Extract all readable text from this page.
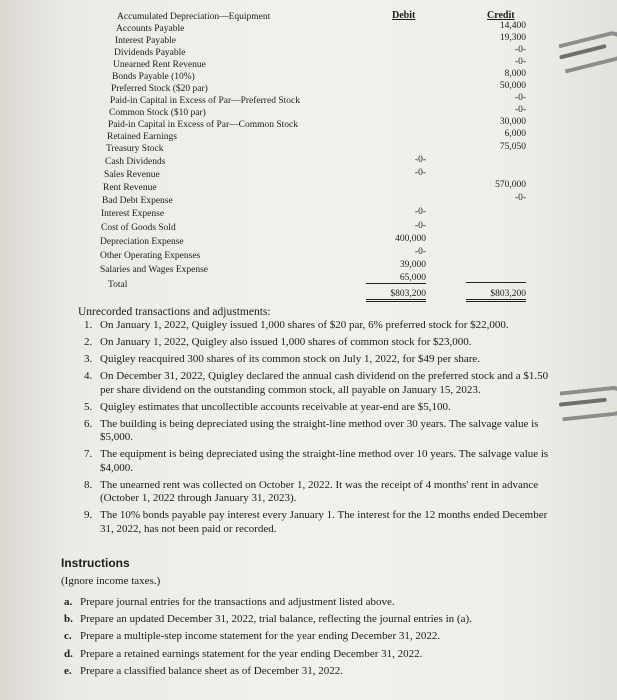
Debit	Credit
Accumulated Depreciation—Equipment
Accounts Payable
Interest Payable
Dividends Payable
Unearned Rent Revenue
Bonds Payable (10%)
Preferred Stock ($20 par)
Paid-in Capital in Excess of Par—Preferred Stock
Common Stock ($10 par)
Paid-in Capital in Excess of Par—Common Stock
Retained Earnings
Treasury Stock
Cash Dividends
Sales Revenue
Rent Revenue
Bad Debt Expense
Interest Expense
Cost of Goods Sold
Depreciation Expense
Other Operating Expenses
Salaries and Wages Expense
Total
14,400
19,300
-0-
-0-
8,000
50,000
-0-
-0-
30,000
6,000
75,050
570,000
-0-
-0-
-0-
-0-
-0-
400,000
-0-
39,000
65,000
$803,200	$803,200
Unrecorded transactions and adjustments:
1. On January 1, 2022, Quigley issued 1,000 shares of $20 par, 6% preferred stock for $22,000.
2. On January 1, 2022, Quigley also issued 1,000 shares of common stock for $23,000.
3. Quigley reacquired 300 shares of its common stock on July 1, 2022, for $49 per share.
4. On December 31, 2022, Quigley declared the annual cash dividend on the preferred stock and a $1.50 per share dividend on the outstanding common stock, all payable on January 15, 2023.
5. Quigley estimates that uncollectible accounts receivable at year-end are $5,100.
6. The building is being depreciated using the straight-line method over 30 years. The salvage value is $5,000.
7. The equipment is being depreciated using the straight-line method over 10 years. The salvage value is $4,000.
8. The unearned rent was collected on October 1, 2022. It was the receipt of 4 months' rent in advance (October 1, 2022 through January 31, 2023).
9. The 10% bonds payable pay interest every January 1. The interest for the 12 months ended December 31, 2022, has not been paid or recorded.
Instructions
(Ignore income taxes.)
a. Prepare journal entries for the transactions and adjustment listed above.
b. Prepare an updated December 31, 2022, trial balance, reflecting the journal entries in (a).
c. Prepare a multiple-step income statement for the year ending December 31, 2022.
d. Prepare a retained earnings statement for the year ending December 31, 2022.
e. Prepare a classified balance sheet as of December 31, 2022.
